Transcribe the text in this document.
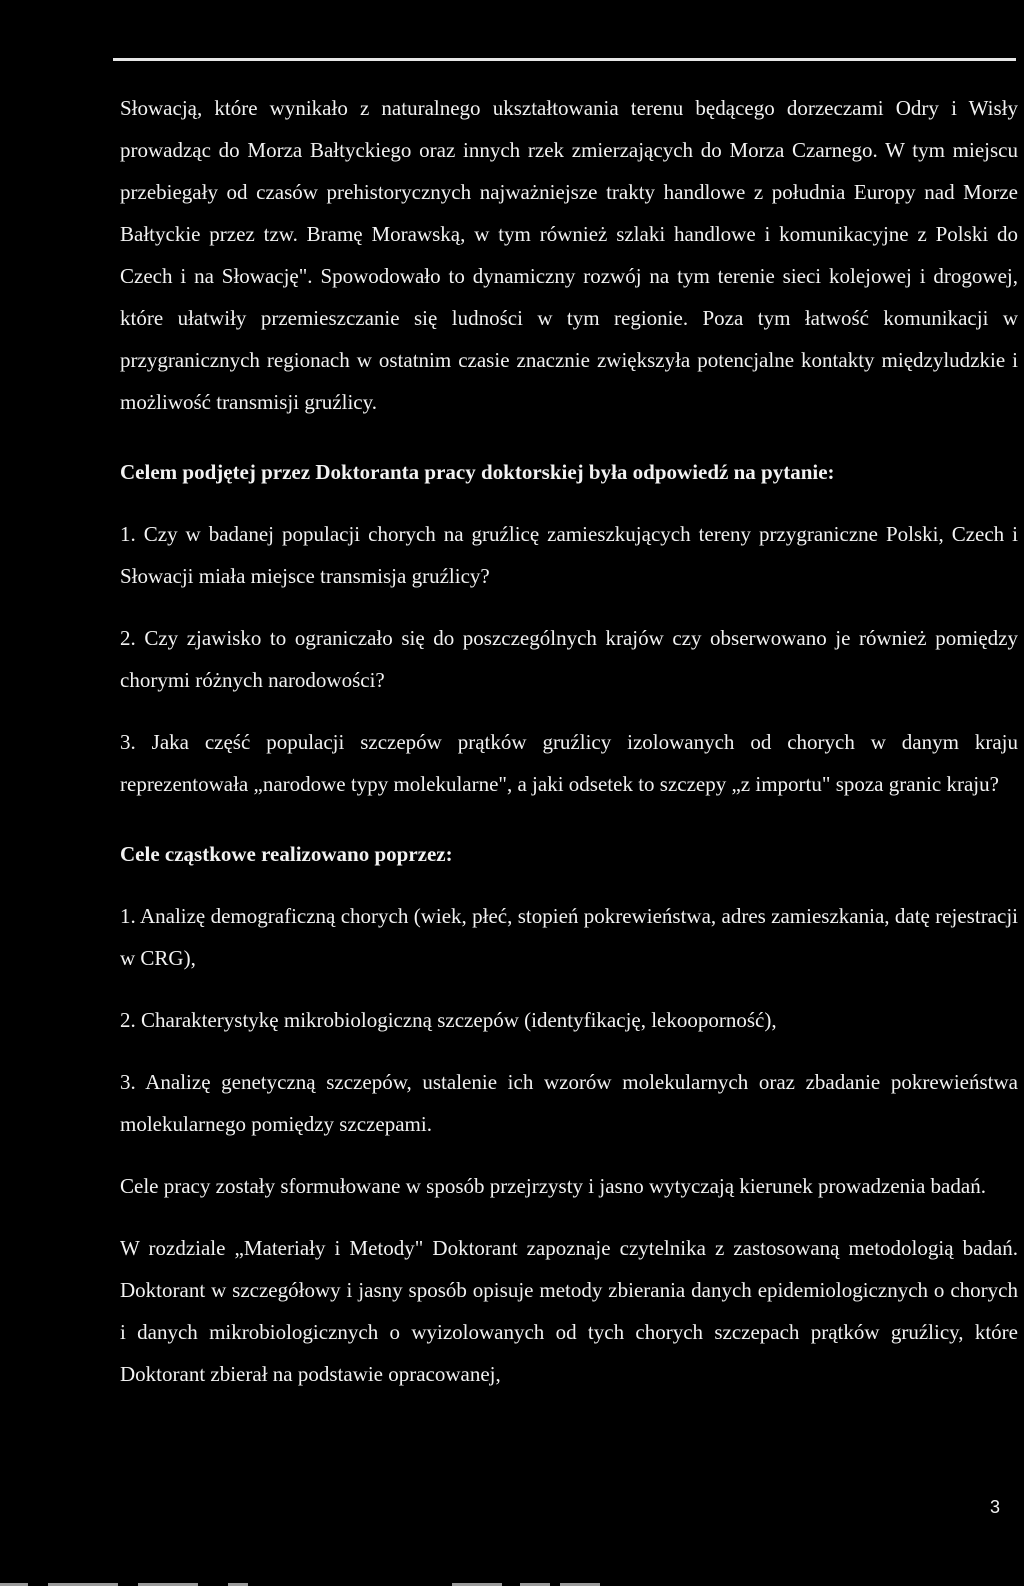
Słowacją, które wynikało z naturalnego ukształtowania terenu będącego dorzeczami Odry i Wisły prowadząc do Morza Bałtyckiego oraz innych rzek zmierzających do Morza Czarnego. W tym miejscu przebiegały od czasów prehistorycznych najważniejsze trakty handlowe z południa Europy nad Morze Bałtyckie przez tzw. Bramę Morawską, w tym również szlaki handlowe i komunikacyjne z Polski do Czech i na Słowację". Spowodowało to dynamiczny rozwój na tym terenie sieci kolejowej i drogowej, które ułatwiły przemieszczanie się ludności w tym regionie. Poza tym łatwość komunikacji w przygranicznych regionach w ostatnim czasie znacznie zwiększyła potencjalne kontakty międzyludzkie i możliwość transmisji gruźlicy.

Celem podjętej przez Doktoranta pracy doktorskiej była odpowiedź na pytanie:

1. Czy w badanej populacji chorych na gruźlicę zamieszkujących tereny przygraniczne Polski, Czech i Słowacji miała miejsce transmisja gruźlicy?

2. Czy zjawisko to ograniczało się do poszczególnych krajów czy obserwowano je również pomiędzy chorymi różnych narodowości?

3. Jaka część populacji szczepów prątków gruźlicy izolowanych od chorych w danym kraju reprezentowała „narodowe typy molekularne", a jaki odsetek to szczepy „z importu" spoza granic kraju?

Cele cząstkowe realizowano poprzez:

1. Analizę demograficzną chorych (wiek, płeć, stopień pokrewieństwa, adres zamieszkania, datę rejestracji w CRG),

2. Charakterystykę mikrobiologiczną szczepów (identyfikację, lekooporność),

3. Analizę genetyczną szczepów, ustalenie ich wzorów molekularnych oraz zbadanie pokrewieństwa molekularnego pomiędzy szczepami.

Cele pracy zostały sformułowane w sposób przejrzysty i jasno wytyczają kierunek prowadzenia badań.

W rozdziale „Materiały i Metody" Doktorant zapoznaje czytelnika z zastosowaną metodologią badań. Doktorant w szczegółowy i jasny sposób opisuje metody zbierania danych epidemiologicznych o chorych i danych mikrobiologicznych o wyizolowanych od tych chorych szczepach prątków gruźlicy, które Doktorant zbierał na podstawie opracowanej,

3
